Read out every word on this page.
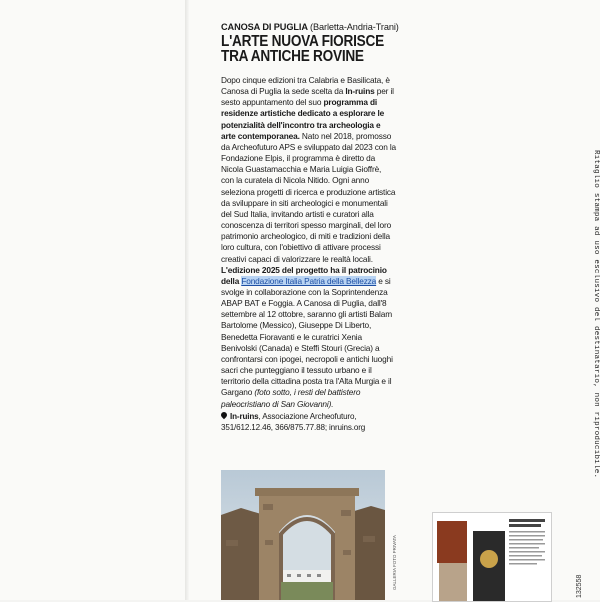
CANOSA DI PUGLIA (Barletta-Andria-Trani)
L'ARTE NUOVA FIORISCE
TRA ANTICHE ROVINE
Dopo cinque edizioni tra Calabria e Basilicata, è Canosa di Puglia la sede scelta da In-ruins per il sesto appuntamento del suo programma di residenze artistiche dedicato a esplorare le potenzialità dell'incontro tra archeologia e arte contemporanea. Nato nel 2018, promosso da Archeofuturo APS e sviluppato dal 2023 con la Fondazione Elpis, il programma è diretto da Nicola Guastamacchia e Maria Luigia Gioffrè, con la curatela di Nicola Nitido. Ogni anno seleziona progetti di ricerca e produzione artistica da sviluppare in siti archeologici e monumentali del Sud Italia, invitando artisti e curatori alla conoscenza di territori spesso marginali, del loro patrimonio archeologico, di miti e tradizioni della loro cultura, con l'obiettivo di attivare processi creativi capaci di valorizzare le realtà locali. L'edizione 2025 del progetto ha il patrocinio della Fondazione Italia Patria della Bellezza e si svolge in collaborazione con la Soprintendenza ABAP BAT e Foggia. A Canosa di Puglia, dall'8 settembre al 12 ottobre, saranno gli artisti Balam Bartolome (Messico), Giuseppe Di Liberto, Benedetta Fioravanti e le curatrici Xenia Benivolski (Canada) e Steffi Stouri (Grecia) a confrontarsi con ipogei, necropoli e antichi luoghi sacri che punteggiano il tessuto urbano e il territorio della cittadina posta tra l'Alta Murgia e il Gargano (foto sotto, i resti del battistero paleocristiano di San Giovanni).
In-ruins, Associazione Archeofuturo,
351/612.12.46, 366/875.77.88; inruins.org
GALLERIA FOTO PRIVATA
Ritaglio stampa ad uso esclusivo del destinatario, non riproducibile.
132558
